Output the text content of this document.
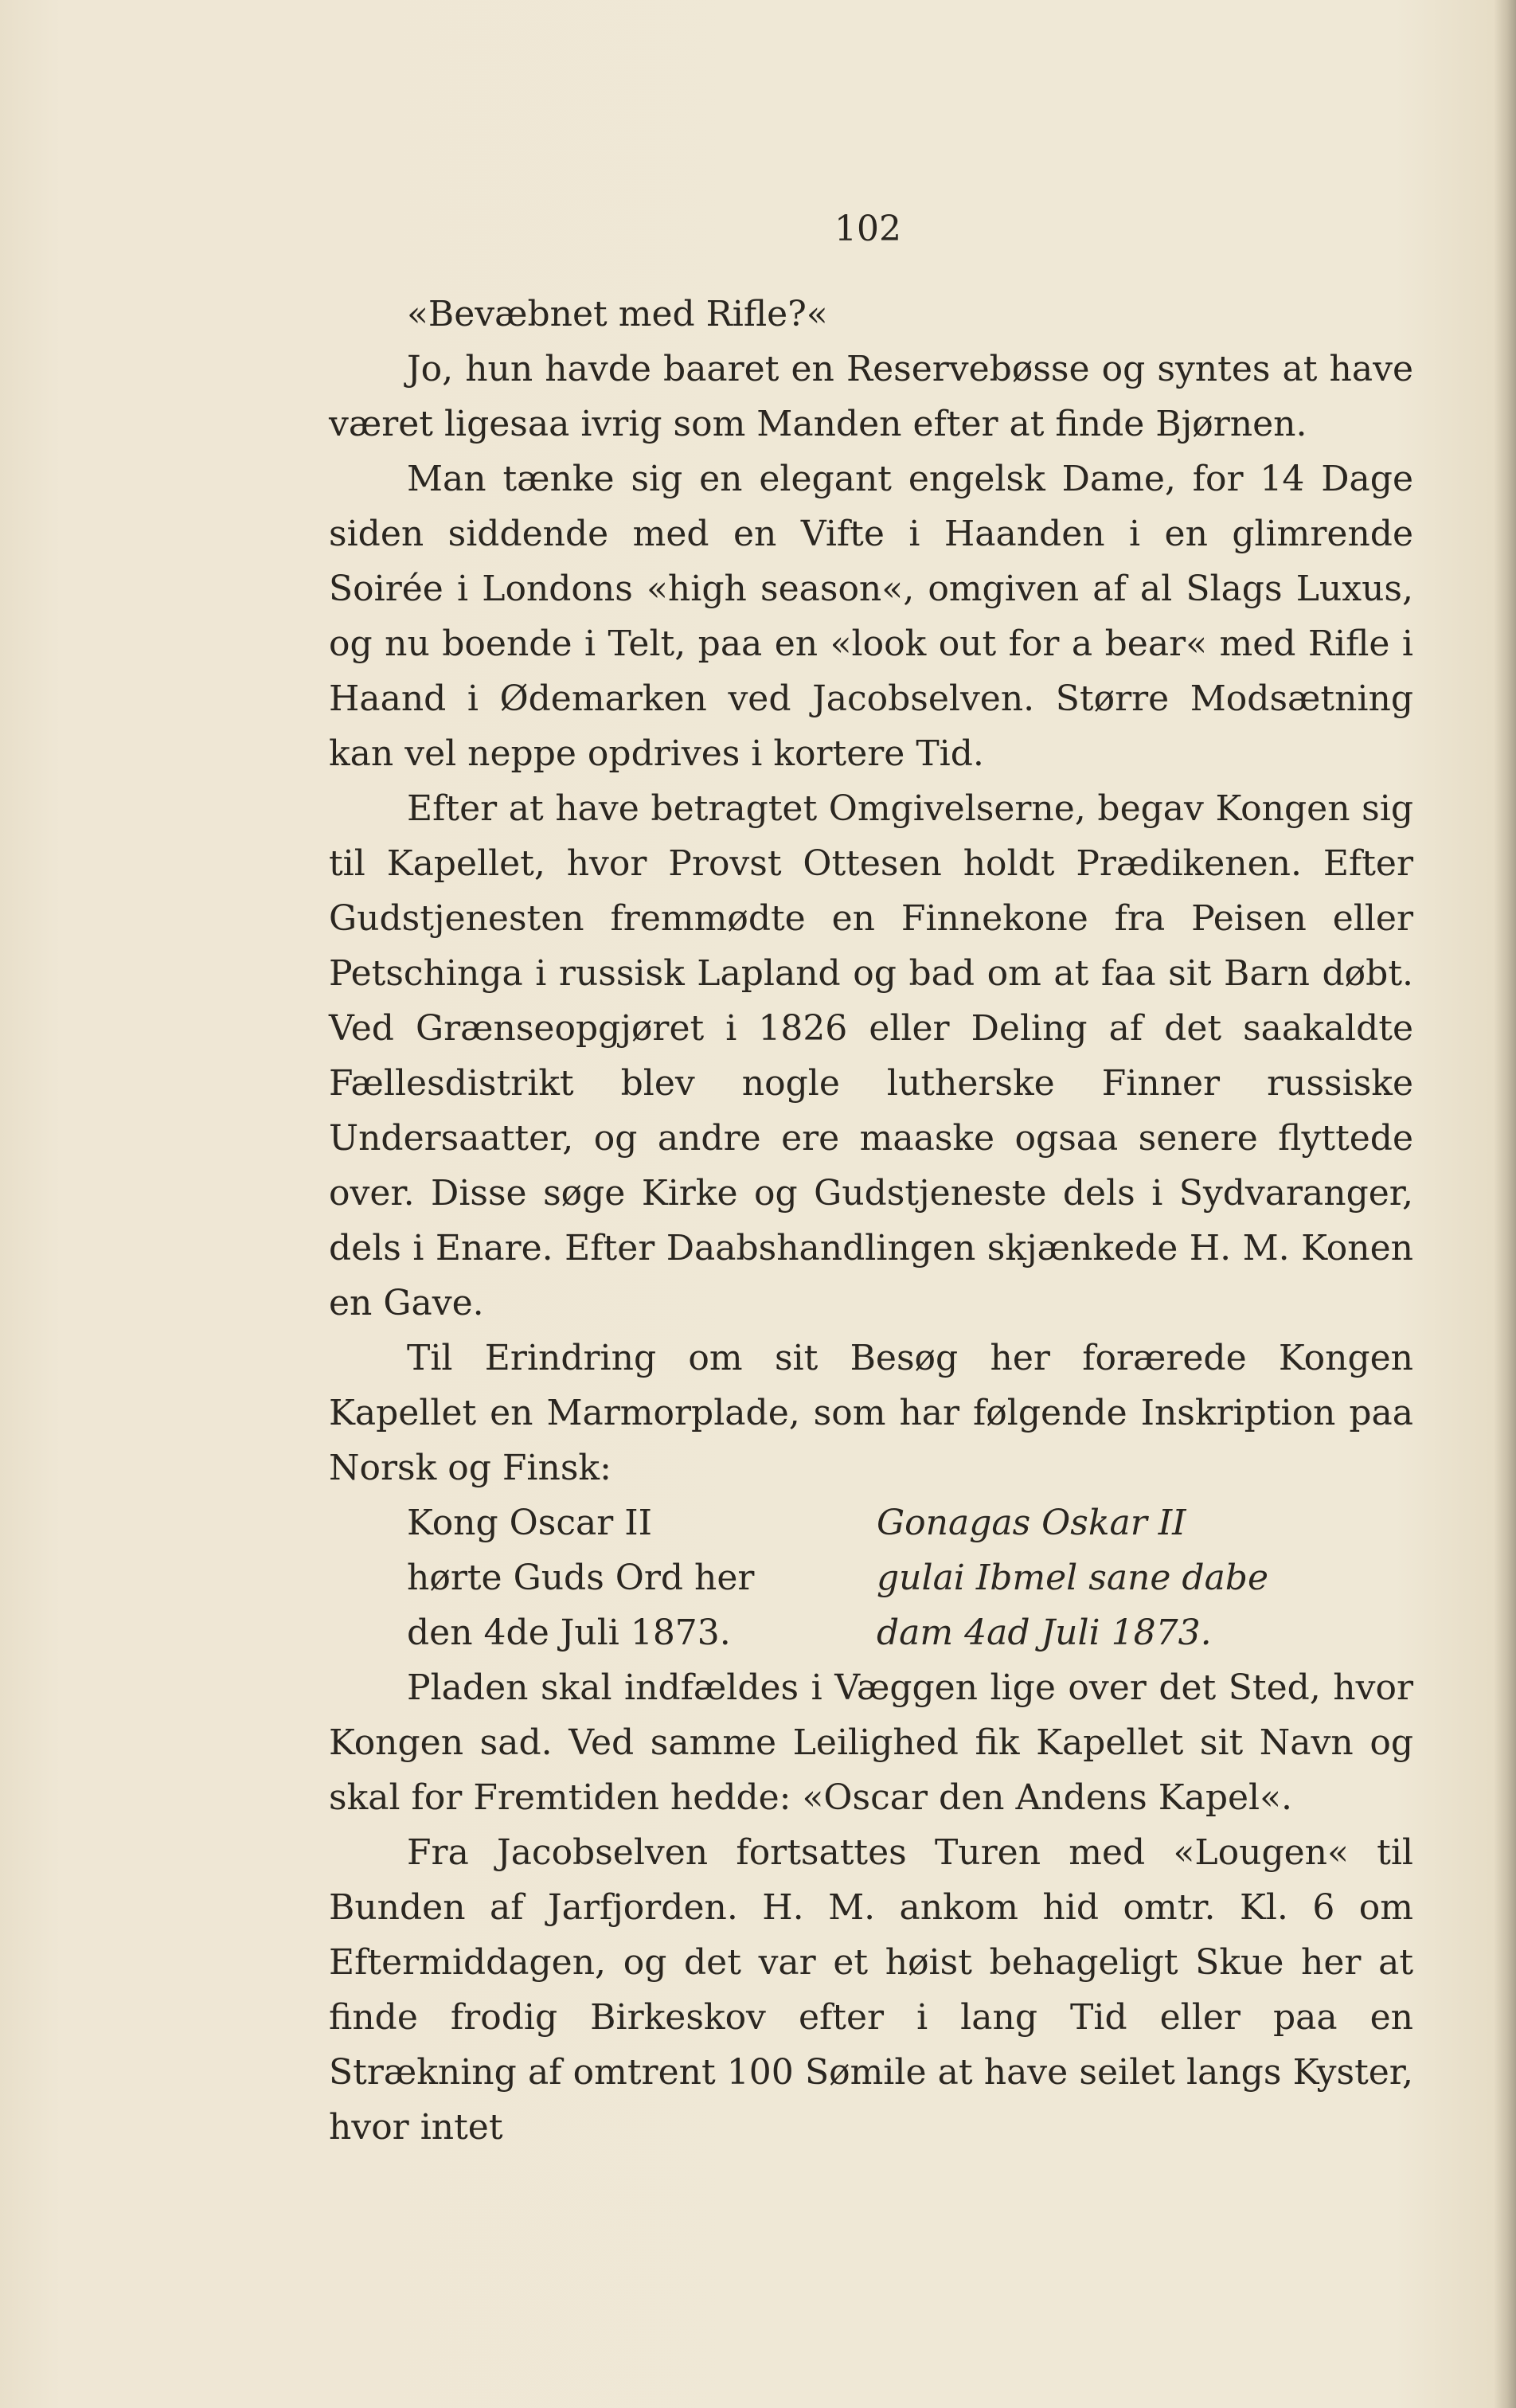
102

«Bevæbnet med Rifle?«

Jo, hun havde baaret en Reservebøsse og syntes at have været ligesaa ivrig som Manden efter at finde Bjørnen.

Man tænke sig en elegant engelsk Dame, for 14 Dage siden siddende med en Vifte i Haanden i en glimrende Soirée i Londons «high season«, omgiven af al Slags Luxus, og nu boende i Telt, paa en «look out for a bear« med Rifle i Haand i Ødemarken ved Jacobselven. Større Modsætning kan vel neppe opdrives i kortere Tid.

Efter at have betragtet Omgivelserne, begav Kongen sig til Kapellet, hvor Provst Ottesen holdt Prædikenen. Efter Gudstjenesten fremmødte en Finnekone fra Peisen eller Petschinga i russisk Lapland og bad om at faa sit Barn døbt. Ved Grænseopgjøret i 1826 eller Deling af det saakaldte Fællesdistrikt blev nogle lutherske Finner russiske Undersaatter, og andre ere maaske ogsaa senere flyttede over. Disse søge Kirke og Gudstjeneste dels i Sydvaranger, dels i Enare. Efter Daabshandlingen skjænkede H. M. Konen en Gave.

Til Erindring om sit Besøg her forærede Kongen Kapellet en Marmorplade, som har følgende Inskription paa Norsk og Finsk:

Kong Oscar II	Gonagas Oskar II
hørte Guds Ord her	gulai Ibmel sane dabe
den 4de Juli 1873.	dam 4ad Juli 1873.

Pladen skal indfældes i Væggen lige over det Sted, hvor Kongen sad. Ved samme Leilighed fik Kapellet sit Navn og skal for Fremtiden hedde: «Oscar den Andens Kapel«.

Fra Jacobselven fortsattes Turen med «Lougen« til Bunden af Jarfjorden. H. M. ankom hid omtr. Kl. 6 om Eftermiddagen, og det var et høist behageligt Skue her at finde frodig Birkeskov efter i lang Tid eller paa en Strækning af omtrent 100 Sømile at have seilet langs Kyster, hvor intet
